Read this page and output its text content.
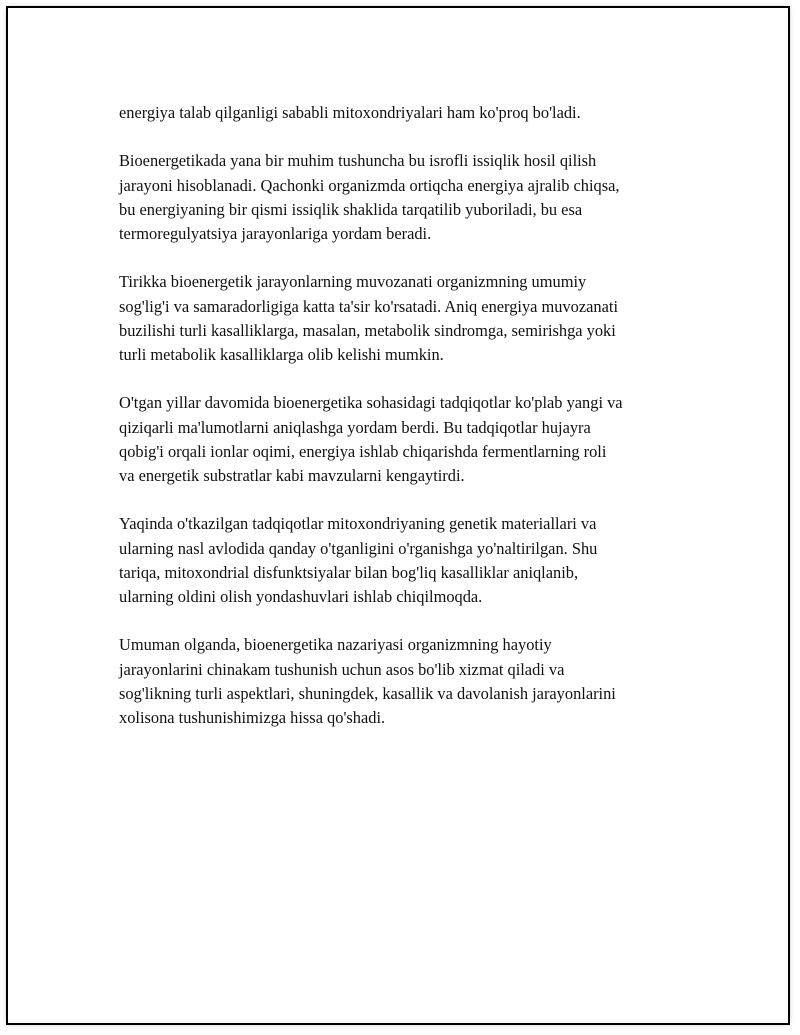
energiya talab qilganligi sababli mitoxondriyalari ham ko'proq bo'ladi.

Bioenergetikada yana bir muhim tushuncha bu isrofli issiqlik hosil qilish
jarayoni hisoblanadi. Qachonki organizmda ortiqcha energiya ajralib chiqsa,
bu energiyaning bir qismi issiqlik shaklida tarqatilib yuboriladi, bu esa
termoregulyatsiya jarayonlariga yordam beradi.

Tirikka bioenergetik jarayonlarning muvozanati organizmning umumiy
sog'lig'i va samaradorligiga katta ta'sir ko'rsatadi. Aniq energiya muvozanati
buzilishi turli kasalliklarga, masalan, metabolik sindromga, semirishga yoki
turli metabolik kasalliklarga olib kelishi mumkin.

O'tgan yillar davomida bioenergetika sohasidagi tadqiqotlar ko'plab yangi va
qiziqarli ma'lumotlarni aniqlashga yordam berdi. Bu tadqiqotlar hujayra
qobig'i orqali ionlar oqimi, energiya ishlab chiqarishda fermentlarning roli
va energetik substratlar kabi mavzularni kengaytirdi.

Yaqinda o'tkazilgan tadqiqotlar mitoxondriyaning genetik materiallari va
ularning nasl avlodida qanday o'tganligini o'rganishga yo'naltirilgan. Shu
tariqa, mitoxondrial disfunktsiyalar bilan bog'liq kasalliklar aniqlanib,
ularning oldini olish yondashuvlari ishlab chiqilmoqda.

Umuman olganda, bioenergetika nazariyasi organizmning hayotiy
jarayonlarini chinakam tushunish uchun asos bo'lib xizmat qiladi va
sog'likning turli aspektlari, shuningdek, kasallik va davolanish jarayonlarini
xolisona tushunishimizga hissa qo'shadi.
